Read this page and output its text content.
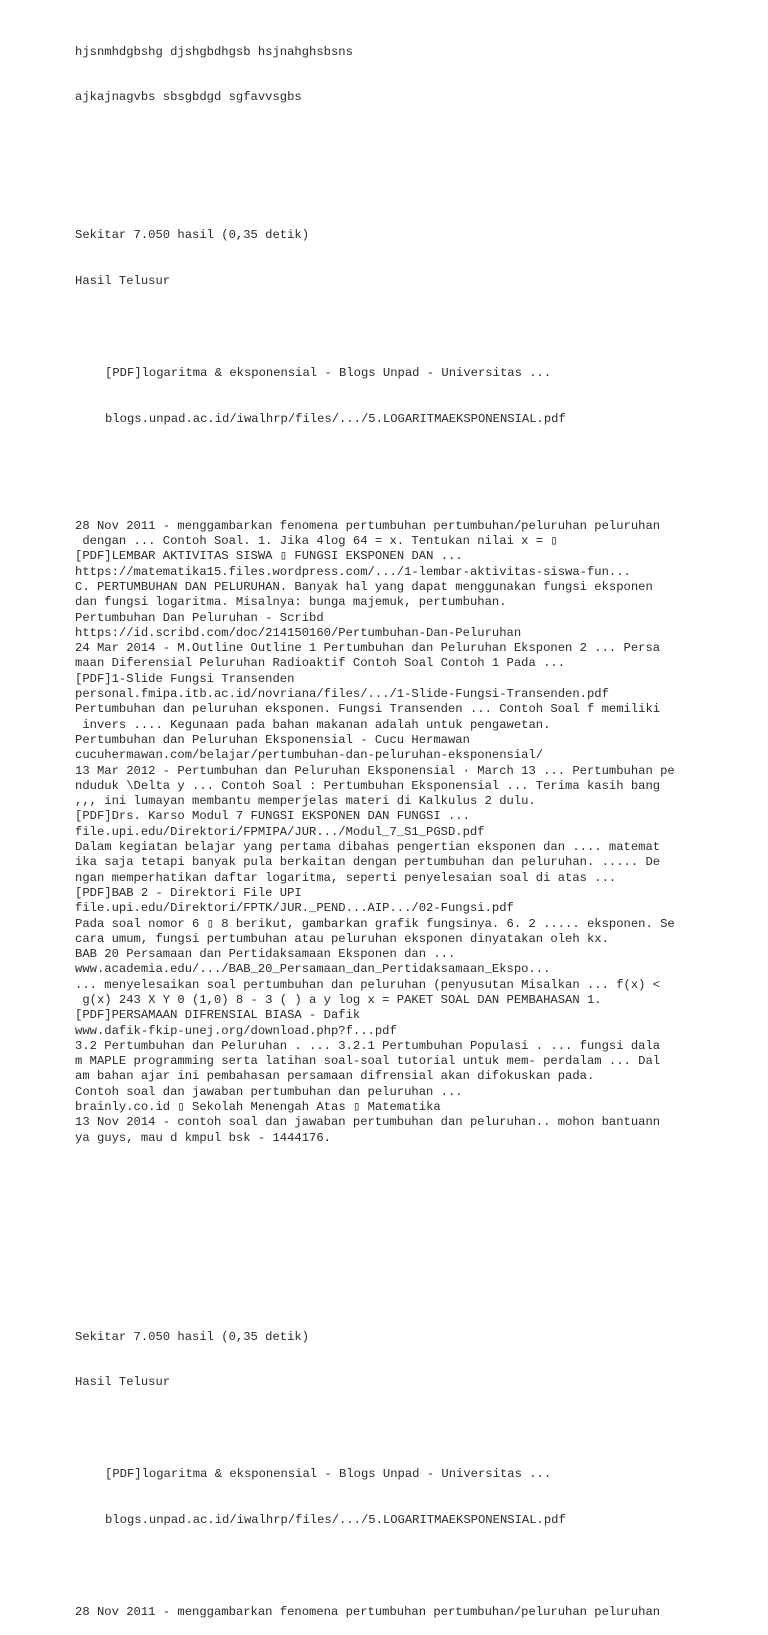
hjsnmhdgbshg djshgbdhgsb hsjnahghsbsns

ajkajnagvbs sbsgbdgd sgfavvsgbs

Sekitar 7.050 hasil (0,35 detik)

Hasil Telusur

[PDF]logaritma & eksponensial - Blogs Unpad - Universitas ...

blogs.unpad.ac.id/iwalhrp/files/.../5.LOGARITMAEKSPONENSIAL.pdf

28 Nov 2011 - menggambarkan fenomena pertumbuhan pertumbuhan/peluruhan peluruhan
dengan ... Contoh Soal. 1. Jika 4log 64 = x. Tentukan nilai x = ▯
[PDF]LEMBAR AKTIVITAS SISWA ▯ FUNGSI EKSPONEN DAN ...
https://matematika15.files.wordpress.com/.../1-lembar-aktivitas-siswa-fun...
C. PERTUMBUHAN DAN PELURUHAN. Banyak hal yang dapat menggunakan fungsi eksponen
dan fungsi logaritma. Misalnya: bunga majemuk, pertumbuhan.
Pertumbuhan Dan Peluruhan - Scribd
https://id.scribd.com/doc/214150160/Pertumbuhan-Dan-Peluruhan
24 Mar 2014 - M.Outline Outline 1 Pertumbuhan dan Peluruhan Eksponen 2 ... Persa
maan Diferensial Peluruhan Radioaktif Contoh Soal Contoh 1 Pada ...
[PDF]1-Slide Fungsi Transenden
personal.fmipa.itb.ac.id/novriana/files/.../1-Slide-Fungsi-Transenden.pdf
Pertumbuhan dan peluruhan eksponen. Fungsi Transenden ... Contoh Soal f memiliki
invers .... Kegunaan pada bahan makanan adalah untuk pengawetan.
Pertumbuhan dan Peluruhan Eksponensial - Cucu Hermawan
cucuhermawan.com/belajar/pertumbuhan-dan-peluruhan-eksponensial/
13 Mar 2012 - Pertumbuhan dan Peluruhan Eksponensial · March 13 ... Pertumbuhan pe
nduduk \Delta y ... Contoh Soal : Pertumbuhan Eksponensial ... Terima kasih bang
,,, ini lumayan membantu memperjelas materi di Kalkulus 2 dulu.
[PDF]Drs. Karso Modul 7 FUNGSI EKSPONEN DAN FUNGSI ...
file.upi.edu/Direktori/FPMIPA/JUR.../Modul_7_S1_PGSD.pdf
Dalam kegiatan belajar yang pertama dibahas pengertian eksponen dan .... matemat
ika saja tetapi banyak pula berkaitan dengan pertumbuhan dan peluruhan. ..... De
ngan memperhatikan daftar logaritma, seperti penyelesaian soal di atas ...
[PDF]BAB 2 - Direktori File UPI
file.upi.edu/Direktori/FPTK/JUR._PEND...AIP.../02-Fungsi.pdf
Pada soal nomor 6 ▯ 8 berikut, gambarkan grafik fungsinya. 6. 2 ..... eksponen. Se
cara umum, fungsi pertumbuhan atau peluruhan eksponen dinyatakan oleh kx.
BAB 20 Persamaan dan Pertidaksamaan Eksponen dan ...
www.academia.edu/.../BAB_20_Persamaan_dan_Pertidaksamaan_Ekspo...
... menyelesaikan soal pertumbuhan dan peluruhan (penyusutan Misalkan ... f(x) <
g(x) 243 X Y 0 (1,0) 8 - 3 ( ) a y log x = PAKET SOAL DAN PEMBAHASAN 1.
[PDF]PERSAMAAN DIFRENSIAL BIASA - Dafik
www.dafik-fkip-unej.org/download.php?f...pdf
3.2 Pertumbuhan dan Peluruhan . ... 3.2.1 Pertumbuhan Populasi . ... fungsi dala
m MAPLE programming serta latihan soal-soal tutorial untuk mem- perdalam ... Dal
am bahan ajar ini pembahasan persamaan difrensial akan difokuskan pada.
Contoh soal dan jawaban pertumbuhan dan peluruhan ...
brainly.co.id ▯ Sekolah Menengah Atas ▯ Matematika
13 Nov 2014 - contoh soal dan jawaban pertumbuhan dan peluruhan.. mohon bantuann
ya guys, mau d kmpul bsk - 1444176.

Sekitar 7.050 hasil (0,35 detik)

Hasil Telusur

[PDF]logaritma & eksponensial - Blogs Unpad - Universitas ...

blogs.unpad.ac.id/iwalhrp/files/.../5.LOGARITMAEKSPONENSIAL.pdf

28 Nov 2011 - menggambarkan fenomena pertumbuhan pertumbuhan/peluruhan peluruhan
